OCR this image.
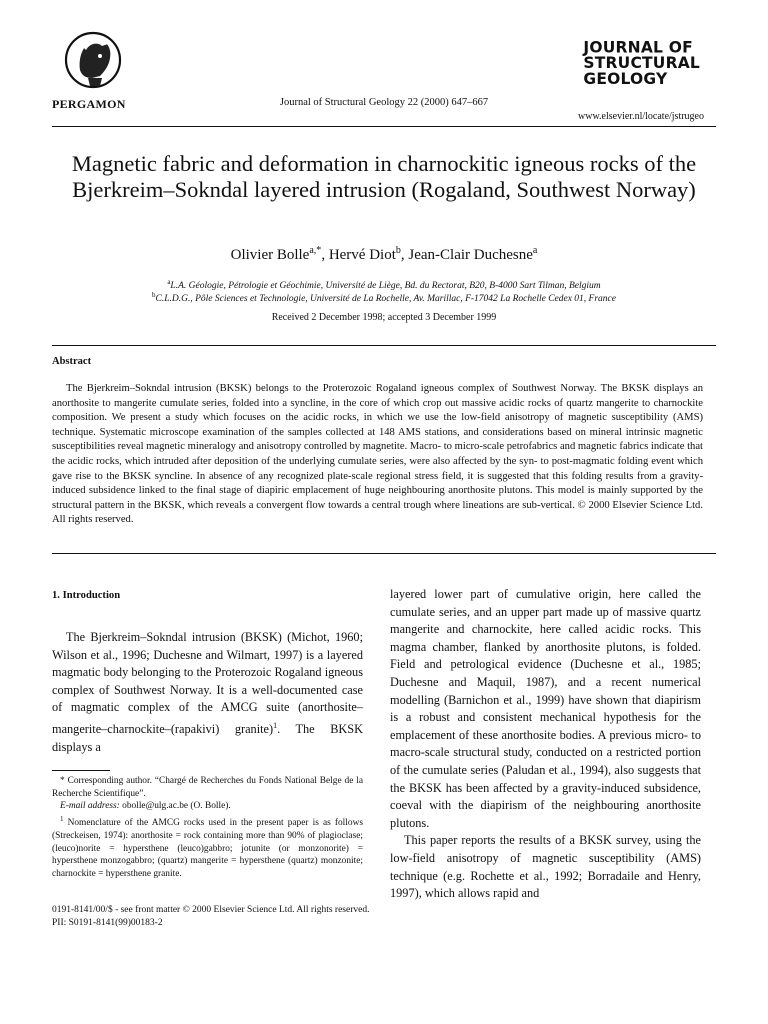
PERGAMON	Journal of Structural Geology 22 (2000) 647–667
JOURNAL OF
STRUCTURAL
GEOLOGY
www.elsevier.nl/locate/jstrugeo
Magnetic fabric and deformation in charnockitic igneous rocks of the Bjerkreim–Sokndal layered intrusion (Rogaland, Southwest Norway)
Olivier Bolle$^{a,*}$, Hervé Diot$^b$, Jean-Clair Duchesne$^a$
$^a$L.A. Géologie, Pétrologie et Géochimie, Université de Liège, Bd. du Rectorat, B20, B-4000 Sart Tilman, Belgium
$^b$C.L.D.G., Pôle Sciences et Technologie, Université de La Rochelle, Av. Marillac, F-17042 La Rochelle Cedex 01, France
Received 2 December 1998; accepted 3 December 1999
Abstract
The Bjerkreim–Sokndal intrusion (BKSK) belongs to the Proterozoic Rogaland igneous complex of Southwest Norway. The BKSK displays an anorthosite to mangerite cumulate series, folded into a syncline, in the core of which crop out massive acidic rocks of quartz mangerite to charnockite composition. We present a study which focuses on the acidic rocks, in which we use the low-field anisotropy of magnetic susceptibility (AMS) technique. Systematic microscope examination of the samples collected at 148 AMS stations, and considerations based on mineral intrinsic magnetic susceptibilities reveal magnetic mineralogy and anisotropy controlled by magnetite. Macro- to micro-scale petrofabrics and magnetic fabrics indicate that the acidic rocks, which intruded after deposition of the underlying cumulate series, were also affected by the syn- to post-magmatic folding event which gave rise to the BKSK syncline. In absence of any recognized plate-scale regional stress field, it is suggested that this folding results from a gravity-induced subsidence linked to the final stage of diapiric emplacement of huge neighbouring anorthosite plutons. This model is mainly supported by the structural pattern in the BKSK, which reveals a convergent flow towards a central trough where lineations are sub-vertical. © 2000 Elsevier Science Ltd. All rights reserved.
1. Introduction
The Bjerkreim–Sokndal intrusion (BKSK) (Michot, 1960; Wilson et al., 1996; Duchesne and Wilmart, 1997) is a layered magmatic body belonging to the Proterozoic Rogaland igneous complex of Southwest Norway. It is a well-documented case of magmatic complex of the AMCG suite (anorthosite–mangerite–charnockite–(rapakivi) granite)$^1$. The BKSK displays a

* Corresponding author. “Chargé de Recherches du Fonds National Belge de la Recherche Scientifique”.

E-mail address: obolle@ulg.ac.be (O. Bolle).

$^1$ Nomenclature of the AMCG rocks used in the present paper is as follows (Streckeisen, 1974): anorthosite = rock containing more than 90% of plagioclase; (leuco)norite = hypersthene (leuco)gabbro; jotunite (or monzonorite) = hypersthene monzogabbro; (quartz) mangerite = hypersthene (quartz) monzonite; charnockite = hypersthene granite.

layered lower part of cumulative origin, here called the cumulate series, and an upper part made up of massive quartz mangerite and charnockite, here called acidic rocks. This magma chamber, flanked by anorthosite plutons, is folded. Field and petrological evidence (Duchesne et al., 1985; Duchesne and Maquil, 1987), and a recent numerical modelling (Barnichon et al., 1999) have shown that diapirism is a robust and consistent mechanical hypothesis for the emplacement of these anorthosite bodies. A previous micro- to macro-scale structural study, conducted on a restricted portion of the cumulate series (Paludan et al., 1994), also suggests that the BKSK has been affected by a gravity-induced subsidence, coeval with the diapirism of the neighbouring anorthosite plutons.

This paper reports the results of a BKSK survey, using the low-field anisotropy of magnetic susceptibility (AMS) technique (e.g. Rochette et al., 1992; Borradaile and Henry, 1997), which allows rapid and

0191-8141/00/$ - see front matter © 2000 Elsevier Science Ltd. All rights reserved.
PII: S0191-8141(99)00183-2
